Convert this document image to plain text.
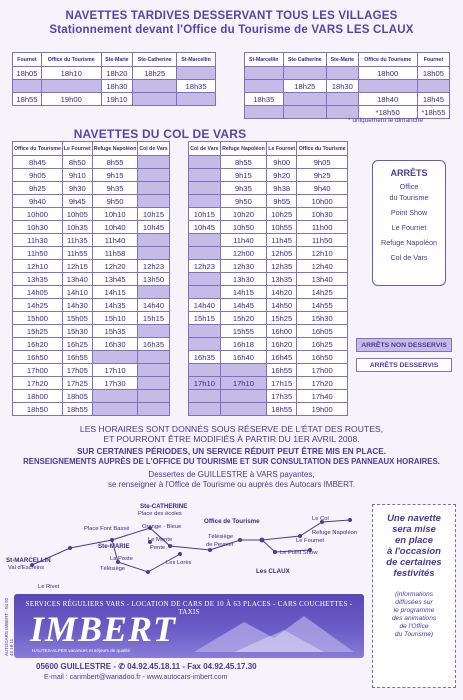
NAVETTES TARDIVES DESSERVANT TOUS LES VILLAGES
Stationnement devant l'Office du Tourisme de VARS LES CLAUX
Fournet	Office du Tourisme	Ste-Marie	Ste-Catherine	St-Marcellin
18h05	18h10	18h20	18h25	
		18h30		18h35
18h55	19h00	19h10		
St-Marcellin	Ste-Catherine	Ste-Marie	Office du Tourisme	Fournet
			18h00	18h05
	18h25	18h30		
18h35			18h40	18h45
			*18h50	*18h55
* uniquement le dimanche
NAVETTES DU COL DE VARS
Office du Tourisme	Le Fournet	Refuge Napoléon	Col de Vars
8h45	8h50	8h55	
9h05	9h10	9h15	
9h25	9h30	9h35	
9h40	9h45	9h50	
10h00	10h05	10h10	10h15
10h30	10h35	10h40	10h45
11h30	11h35	11h40	
11h50	11h55	11h58	
12h10	12h15	12h20	12h23
13h35	13h40	13h45	13h50
14h05	14h10	14h15	
14h25	14h30	14h35	14h40
15h00	15h05	15h10	15h15
15h25	15h30	15h35	
16h20	16h25	16h30	16h35
16h50	16h55		
17h00	17h05	17h10	
17h20	17h25	17h30	
18h00	18h05		
18h50	18h55		
Col de Vars	Refuge Napoléon	Le Fournet	Office du Tourisme
	8h55	9h00	9h05
	9h15	9h20	9h25
	9h35	9h38	9h40
	9h50	9h55	10h00
10h15	10h20	10h25	10h30
10h45	10h50	10h55	11h00
	11h40	11h45	11h50
	12h00	12h05	12h10
12h23	12h30	12h35	12h40
	13h30	13h35	13h40
	14h15	14h20	14h25
14h40	14h45	14h50	14h55
15h15	15h20	15h25	15h30
	15h55	16h00	16h05
	16h18	16h20	16h25
16h35	16h40	16h45	16h50
		16h55	17h00
17h10	17h10	17h15	17h20
		17h35	17h40
		18h55	19h00
ARRÊTS
Office
du Tourisme
Point Show
Le Fournet
Refuge Napoléon
Col de Vars
ARRÊTS NON DESSERVIS
ARRÊTS DESSERVIS
LES HORAIRES SONT DONNÉS SOUS RÉSERVE DE L'ÉTAT DES ROUTES,
ET POURRONT ÊTRE MODIFIÉS À PARTIR DU 1ER AVRIL 2008.
SUR CERTAINES PÉRIODES, UN SERVICE RÉDUIT PEUT ÊTRE MIS EN PLACE.
RENSEIGNEMENTS AUPRÈS DE L'OFFICE DU TOURISME ET SUR CONSULTATION DES PANNEAUX HORAIRES.
Dessertes de GUILLESTRE à VARS payantes,
se renseigner à l'Office de Tourisme ou auprès des Autocars IMBERT.
St-MARCELLIN
Val d'Escreins
Le Rivet
Ste-CATHERINE
Place des écoles
Place Font Bassé Orange - Bleue
Ste-MARIE
Le Monte
Pente
La Poste
Télésiège
Les Lorès
Office de Tourisme
Télésiège
de Peynier
Les CLAUX
Le Col
Refuge Napoléon
Le Fournet
Le Point Show
Une navette
sera mise
en place
à l'occasion
de certaines
festivités
(informations
diffusées sur
le programme
des animations
de l'Office
du Tourisme)
SERVICES RÉGULIERS VARS - LOCATION DE CARS DE 10 À 63 PLACES - CARS COUCHETTES - TAXIS
IMBERT
HAUTES-ALPES vacances et séjours de qualité
AUTOCARS IMBERT - 04 92 45 18 11
05600 GUILLESTRE - ✆ 04.92.45.18.11 - Fax 04.92.45.17.30
E-mail : carimbert@wanadoo.fr - www.autocars-imbert.com
